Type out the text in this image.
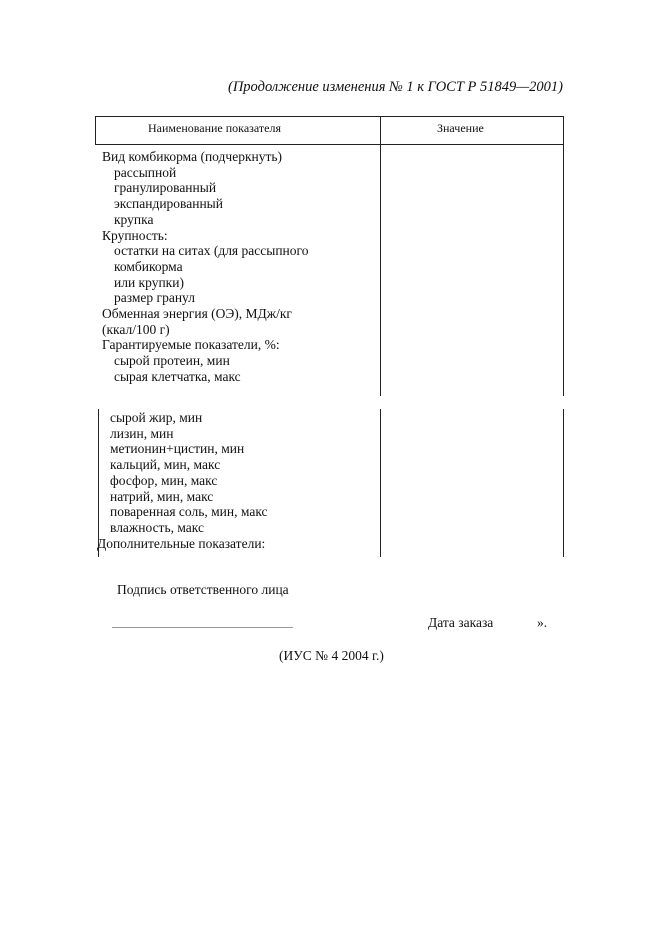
(Продолжение изменения № 1 к ГОСТ Р 51849—2001)
Наименование показателя	Значение
Вид комбикорма (подчеркнуть)
рассыпной
гранулированный
экспандированный
крупка
Крупность:
остатки на ситах (для рассыпного
комбикорма
или крупки)
размер гранул
Обменная энергия (ОЭ), МДж/кг
(ккал/100 г)
Гарантируемые показатели, %:
сырой протеин, мин
сырая клетчатка, макс
сырой жир, мин
лизин, мин
метионин+цистин, мин
кальций, мин, макс
фосфор, мин, макс
натрий, мин, макс
поваренная соль, мин, макс
влажность, макс
Дополнительные показатели:
Подпись ответственного лица
Дата заказа	».
(ИУС № 4 2004 г.)
